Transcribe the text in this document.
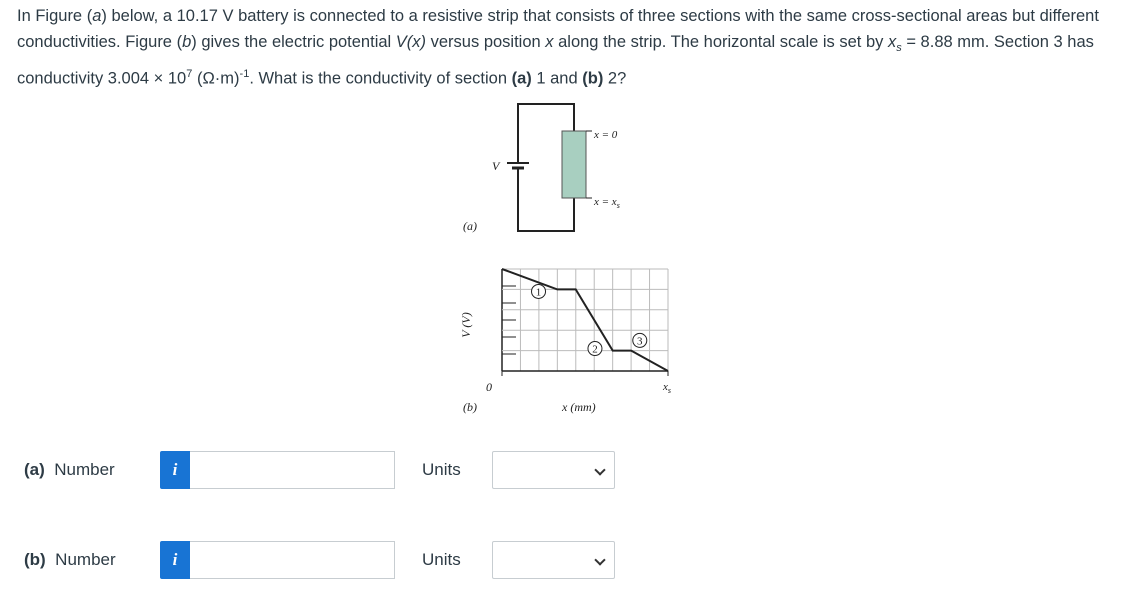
In Figure (a) below, a 10.17 V battery is connected to a resistive strip that consists of three sections with the same cross-sectional areas but different conductivities. Figure (b) gives the electric potential V(x) versus position x along the strip. The horizontal scale is set by $x_s = 8.88$ mm. Section 3 has conductivity $3.004 \times 10^7$ $(\Omega\cdot m)^{-1}$. What is the conductivity of section (a) 1 and (b) 2?
V
x = 0
$x = x_s$
(a)
1
2
3
V (V)
0	$x_s$
(b)	x (mm)
(a) Number	i	Units
(b) Number	i	Units
